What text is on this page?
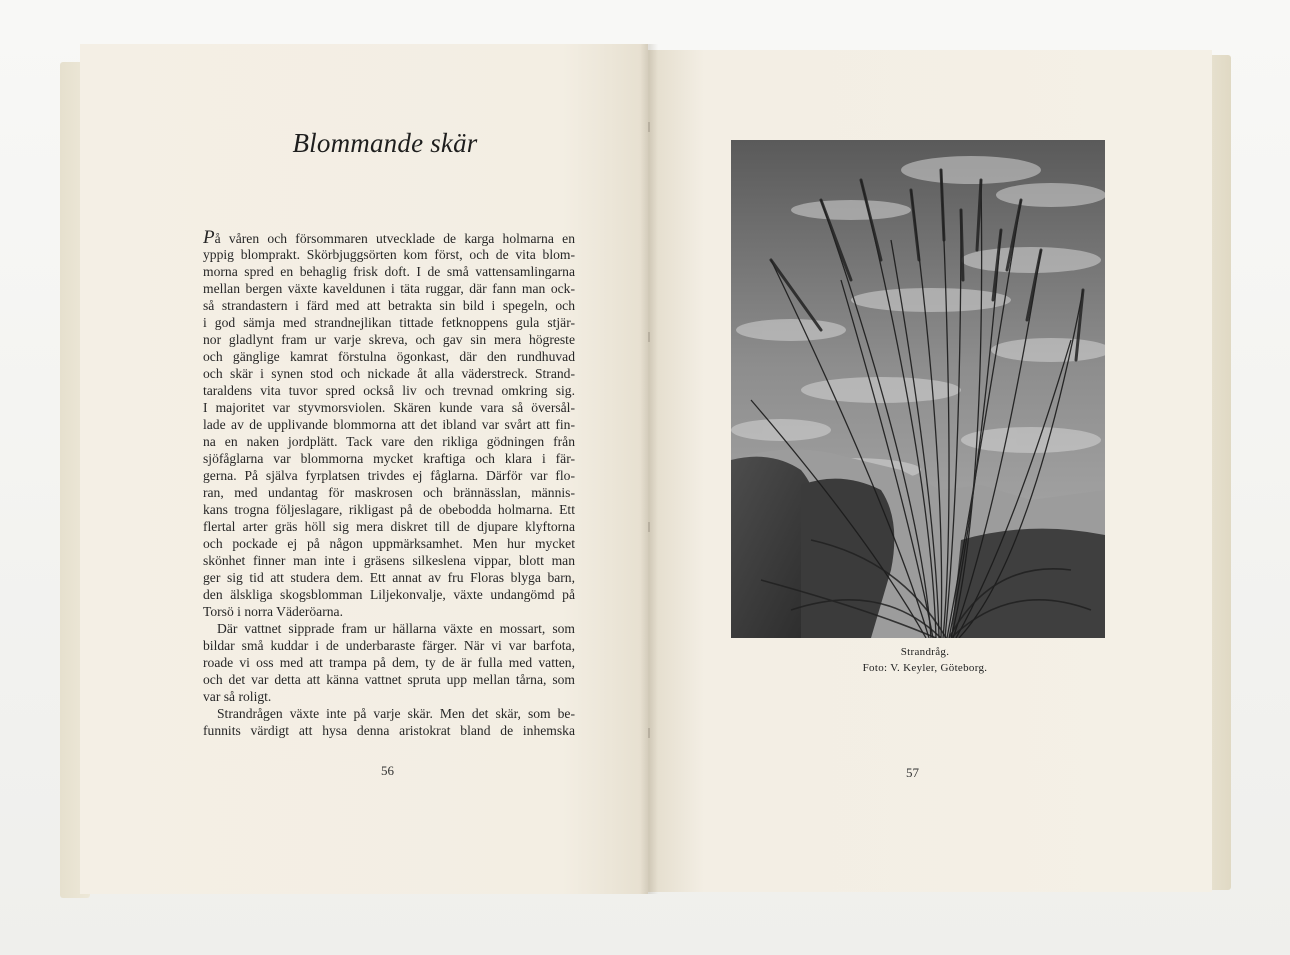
Blommande skär
På våren och försommaren utvecklade de karga holmarna en
yppig blomprakt. Skörbjuggsörten kom först, och de vita blom-
morna spred en behaglig frisk doft. I de små vattensamlingarna
mellan bergen växte kaveldunen i täta ruggar, där fann man ock-
så strandastern i färd med att betrakta sin bild i spegeln, och
i god sämja med strandnejlikan tittade fetknoppens gula stjär-
nor gladlynt fram ur varje skreva, och gav sin mera högreste
och gänglige kamrat förstulna ögonkast, där den rundhuvad
och skär i synen stod och nickade åt alla väderstreck. Strand-
taraldens vita tuvor spred också liv och trevnad omkring sig.
I majoritet var styvmorsviolen. Skären kunde vara så översål-
lade av de upplivande blommorna att det ibland var svårt att fin-
na en naken jordplätt. Tack vare den rikliga gödningen från
sjöfåglarna var blommorna mycket kraftiga och klara i fär-
gerna. På själva fyrplatsen trivdes ej fåglarna. Därför var flo-
ran, med undantag för maskrosen och brännässlan, männis-
kans trogna följeslagare, rikligast på de obebodda holmarna. Ett
flertal arter gräs höll sig mera diskret till de djupare klyftorna
och pockade ej på någon uppmärksamhet. Men hur mycket
skönhet finner man inte i gräsens silkeslena vippar, blott man
ger sig tid att studera dem. Ett annat av fru Floras blyga barn,
den älskliga skogsblomman Liljekonvalje, växte undangömd på
Torsö i norra Väderöarna.
Där vattnet sipprade fram ur hällarna växte en mossart, som
bildar små kuddar i de underbaraste färger. När vi var barfota,
roade vi oss med att trampa på dem, ty de är fulla med vatten,
och det var detta att känna vattnet spruta upp mellan tårna, som
var så roligt.
Strandrågen växte inte på varje skär. Men det skär, som be-
funnits värdigt att hysa denna aristokrat bland de inhemska
56
Strandråg.
Foto: V. Keyler, Göteborg.
57
